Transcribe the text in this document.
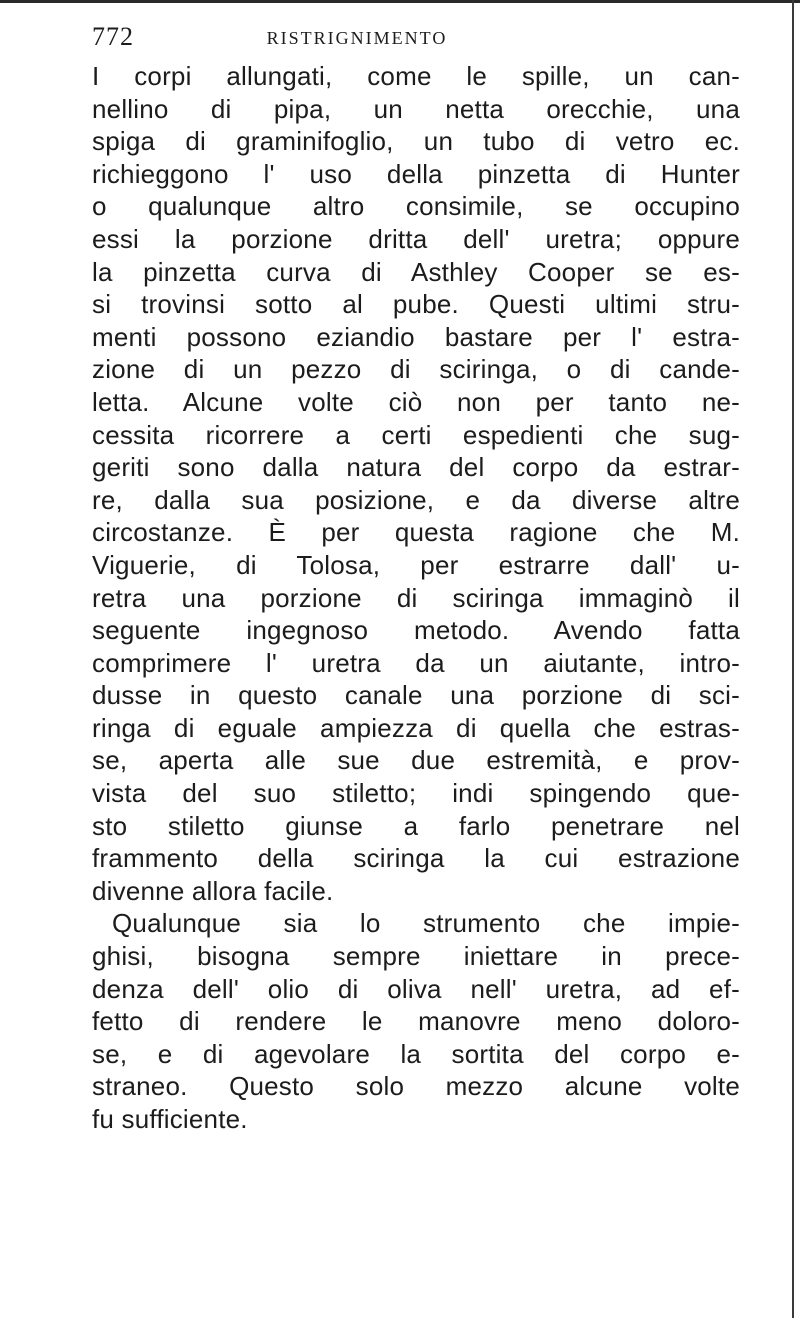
772	RISTRIGNIMENTO
I corpi allungati, come le spille, un can-
nellino di pipa, un netta orecchie, una
spiga di graminifoglio, un tubo di vetro ec.
richieggono l' uso della pinzetta di Hunter
o qualunque altro consimile, se occupino
essi la porzione dritta dell' uretra; oppure
la pinzetta curva di Asthley Cooper se es-
si trovinsi sotto al pube. Questi ultimi stru-
menti possono eziandio bastare per l' estra-
zione di un pezzo di sciringa, o di cande-
letta. Alcune volte ciò non per tanto ne-
cessita ricorrere a certi espedienti che sug-
geriti sono dalla natura del corpo da estrar-
re, dalla sua posizione, e da diverse altre
circostanze. È per questa ragione che M.
Viguerie, di Tolosa, per estrarre dall' u-
retra una porzione di sciringa immaginò il
seguente ingegnoso metodo. Avendo fatta
comprimere l' uretra da un aiutante, intro-
dusse in questo canale una porzione di sci-
ringa di eguale ampiezza di quella che estras-
se, aperta alle sue due estremità, e prov-
vista del suo stiletto; indi spingendo que-
sto stiletto giunse a farlo penetrare nel
frammento della sciringa la cui estrazione
divenne allora facile.
Qualunque sia lo strumento che impie-
ghisi, bisogna sempre iniettare in prece-
denza dell' olio di oliva nell' uretra, ad ef-
fetto di rendere le manovre meno doloro-
se, e di agevolare la sortita del corpo e-
straneo. Questo solo mezzo alcune volte
fu sufficiente.
